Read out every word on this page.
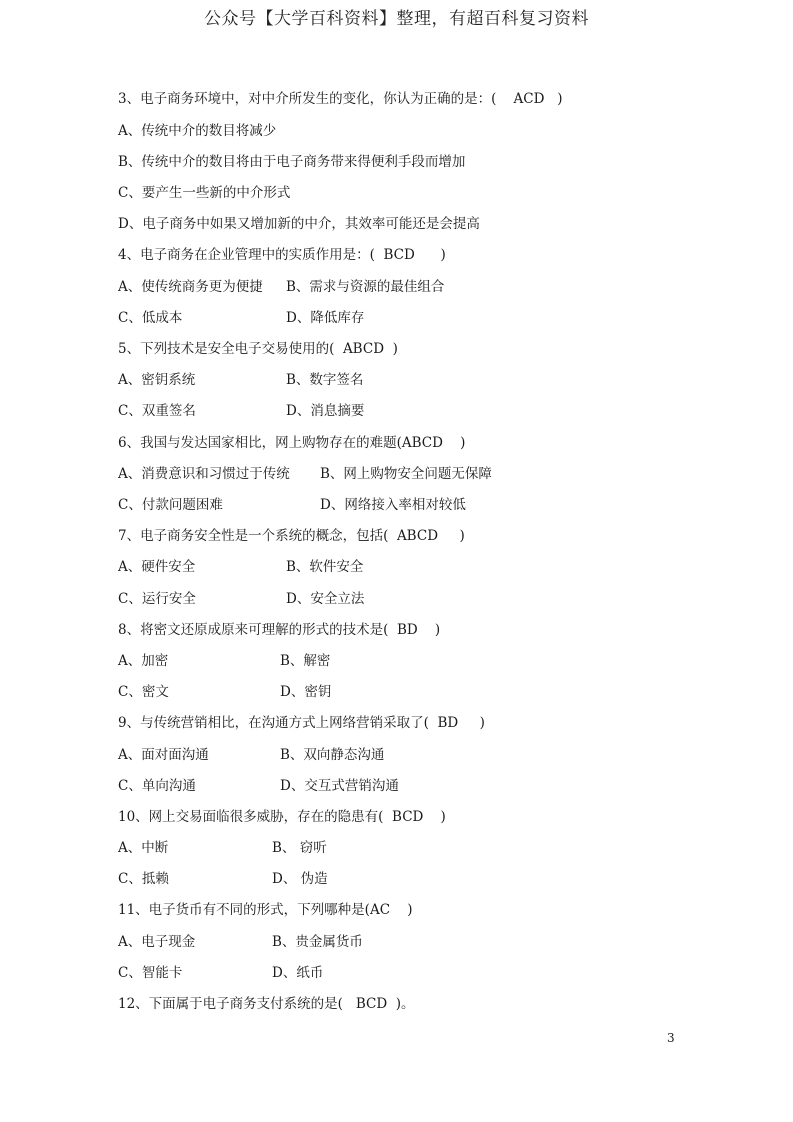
公众号【大学百科资料】整理，有超百科复习资料
3、电子商务环境中，对中介所发生的变化，你认为正确的是：(    ACD   )
A、传统中介的数目将减少
B、传统中介的数目将由于电子商务带来得便利手段而增加
C、要产生一些新的中介形式
D、电子商务中如果又增加新的中介，其效率可能还是会提高
4、电子商务在企业管理中的实质作用是：(  BCD      )
A、使传统商务更为便捷 B、需求与资源的最佳组合
C、低成本	D、降低库存
5、下列技术是安全电子交易使用的(  ABCD  )
A、密钥系统	B、数字签名
C、双重签名	D、消息摘要
6、我国与发达国家相比，网上购物存在的难题(ABCD    )
A、消费意识和习惯过于传统 B、网上购物安全问题无保障
C、付款问题困难	D、网络接入率相对较低
7、电子商务安全性是一个系统的概念，包括(  ABCD     )
A、硬件安全	B、软件安全
C、运行安全	D、安全立法
8、将密文还原成原来可理解的形式的技术是(  BD    )
A、加密	B、解密
C、密文	D、密钥
9、与传统营销相比，在沟通方式上网络营销采取了(  BD     )
A、面对面沟通	B、双向静态沟通
C、单向沟通	D、交互式营销沟通
10、网上交易面临很多威胁，存在的隐患有(  BCD    )
A、中断	B、 窃听
C、抵赖	D、 伪造
11、电子货币有不同的形式，下列哪种是(AC    )
A、电子现金	B、贵金属货币
C、智能卡	D、纸币
12、下面属于电子商务支付系统的是(   BCD  )。
3
